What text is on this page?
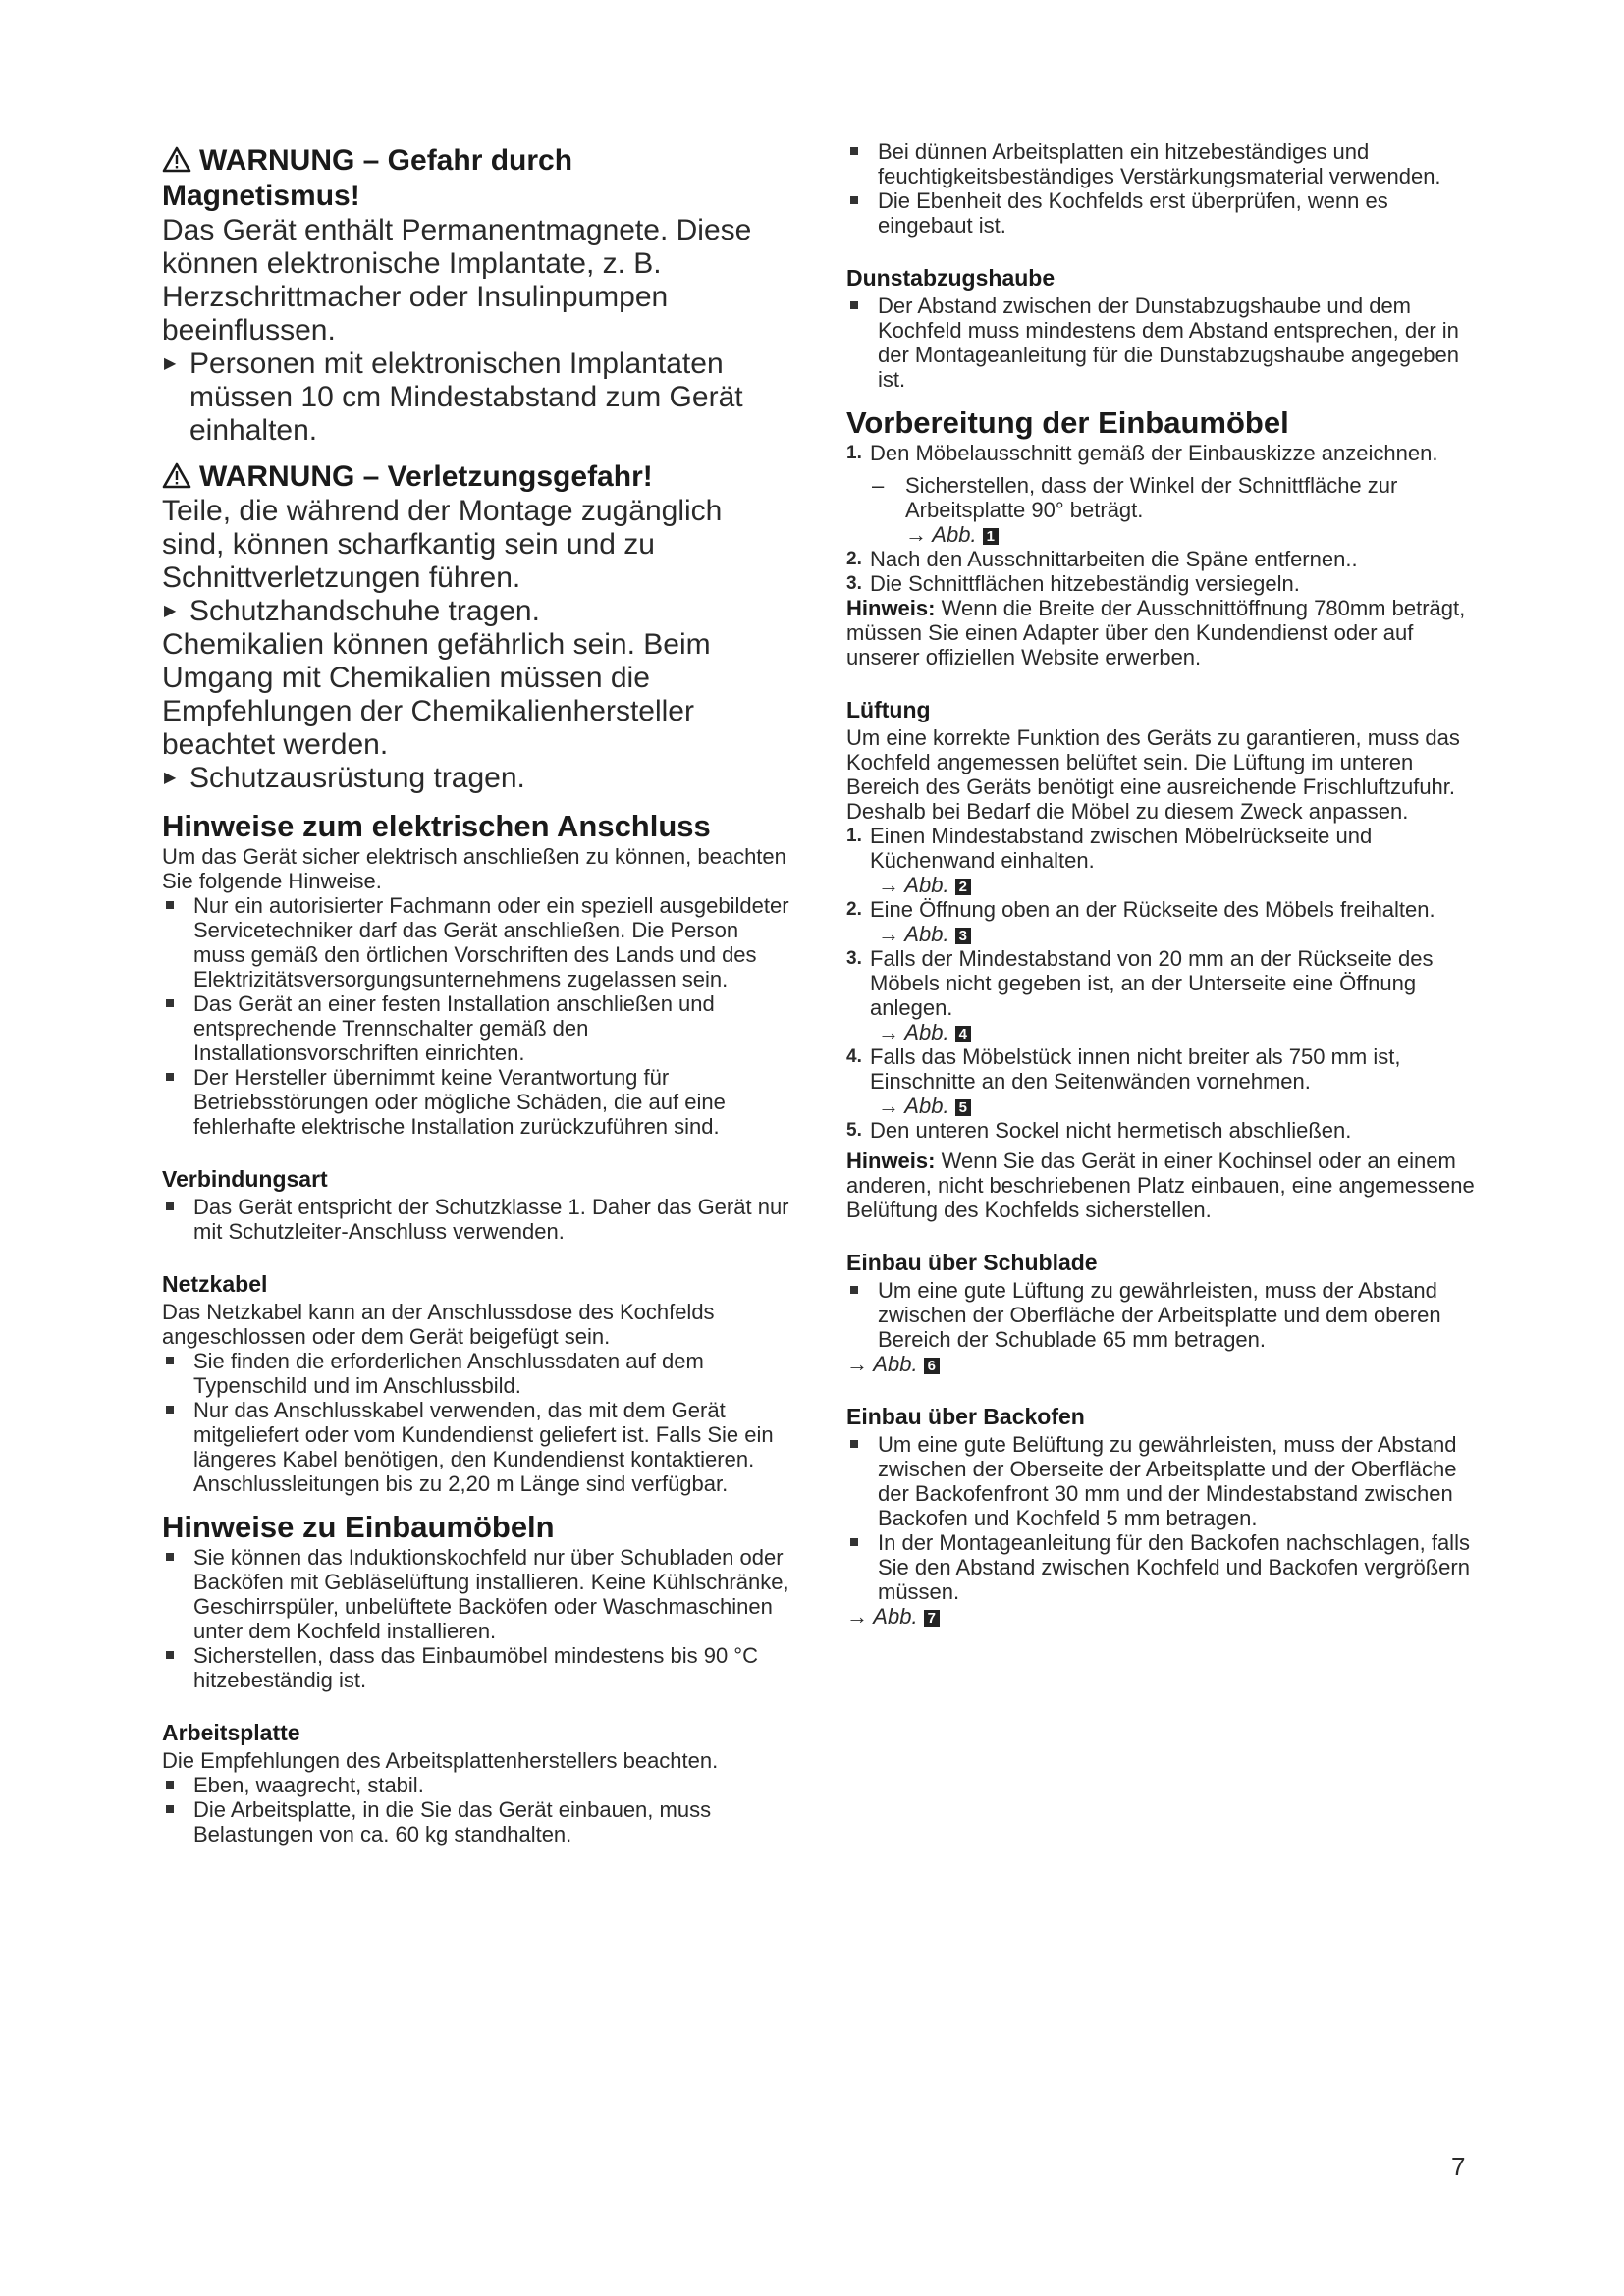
WARNUNG – Gefahr durch
Magnetismus!

Das Gerät enthält Permanentmagnete. Diese können elektronische Implantate, z. B. Herzschrittmacher oder Insulinpumpen beeinflussen.

▶ Personen mit elektronischen Implantaten müssen 10 cm Mindestabstand zum Gerät einhalten.

WARNUNG – Verletzungsgefahr!

Teile, die während der Montage zugänglich sind, können scharfkantig sein und zu Schnittverletzungen führen.

▶ Schutzhandschuhe tragen.

Chemikalien können gefährlich sein. Beim Umgang mit Chemikalien müssen die Empfehlungen der Chemikalienhersteller beachtet werden.

▶ Schutzausrüstung tragen.

Hinweise zum elektrischen Anschluss

Um das Gerät sicher elektrisch anschließen zu können, beachten Sie folgende Hinweise.

Nur ein autorisierter Fachmann oder ein speziell ausgebildeter Servicetechniker darf das Gerät anschließen. Die Person muss gemäß den örtlichen Vorschriften des Lands und des Elektrizitätsversorgungsunternehmens zugelassen sein.

Das Gerät an einer festen Installation anschließen und entsprechende Trennschalter gemäß den Installationsvorschriften einrichten.

Der Hersteller übernimmt keine Verantwortung für Betriebsstörungen oder mögliche Schäden, die auf eine fehlerhafte elektrische Installation zurückzuführen sind.

Verbindungsart

Das Gerät entspricht der Schutzklasse 1. Daher das Gerät nur mit Schutzleiter-Anschluss verwenden.

Netzkabel

Das Netzkabel kann an der Anschlussdose des Kochfelds angeschlossen oder dem Gerät beigefügt sein.

Sie finden die erforderlichen Anschlussdaten auf dem Typenschild und im Anschlussbild.

Nur das Anschlusskabel verwenden, das mit dem Gerät mitgeliefert oder vom Kundendienst geliefert ist. Falls Sie ein längeres Kabel benötigen, den Kundendienst kontaktieren. Anschlussleitungen bis zu 2,20 m Länge sind verfügbar.

Hinweise zu Einbaumöbeln

Sie können das Induktionskochfeld nur über Schubladen oder Backöfen mit Gebläselüftung installieren. Keine Kühlschränke, Geschirrspüler, unbelüftete Backöfen oder Waschmaschinen unter dem Kochfeld installieren.

Sicherstellen, dass das Einbaumöbel mindestens bis 90 °C hitzebeständig ist.

Arbeitsplatte

Die Empfehlungen des Arbeitsplattenherstellers beachten.

Eben, waagrecht, stabil.

Die Arbeitsplatte, in die Sie das Gerät einbauen, muss Belastungen von ca. 60 kg standhalten.

Bei dünnen Arbeitsplatten ein hitzebeständiges und feuchtigkeitsbeständiges Verstärkungsmaterial verwenden.

Die Ebenheit des Kochfelds erst überprüfen, wenn es eingebaut ist.

Dunstabzugshaube

Der Abstand zwischen der Dunstabzugshaube und dem Kochfeld muss mindestens dem Abstand entsprechen, der in der Montageanleitung für die Dunstabzugshaube angegeben ist.

Vorbereitung der Einbaumöbel

1. Den Möbelausschnitt gemäß der Einbauskizze anzeichnen.

– Sicherstellen, dass der Winkel der Schnittfläche zur Arbeitsplatte 90° beträgt.

→ Abb. 1

2. Nach den Ausschnittarbeiten die Späne entfernen..

3. Die Schnittflächen hitzebeständig versiegeln.

Hinweis: Wenn die Breite der Ausschnittöffnung 780mm beträgt, müssen Sie einen Adapter über den Kundendienst oder auf unserer offiziellen Website erwerben.

Lüftung

Um eine korrekte Funktion des Geräts zu garantieren, muss das Kochfeld angemessen belüftet sein. Die Lüftung im unteren Bereich des Geräts benötigt eine ausreichende Frischluftzufuhr. Deshalb bei Bedarf die Möbel zu diesem Zweck anpassen.

1. Einen Mindestabstand zwischen Möbelrückseite und Küchenwand einhalten.

→ Abb. 2

2. Eine Öffnung oben an der Rückseite des Möbels freihalten.

→ Abb. 3

3. Falls der Mindestabstand von 20 mm an der Rückseite des Möbels nicht gegeben ist, an der Unterseite eine Öffnung anlegen.

→ Abb. 4

4. Falls das Möbelstück innen nicht breiter als 750 mm ist, Einschnitte an den Seitenwänden vornehmen.

→ Abb. 5

5. Den unteren Sockel nicht hermetisch abschließen.

Hinweis: Wenn Sie das Gerät in einer Kochinsel oder an einem anderen, nicht beschriebenen Platz einbauen, eine angemessene Belüftung des Kochfelds sicherstellen.

Einbau über Schublade

Um eine gute Lüftung zu gewährleisten, muss der Abstand zwischen der Oberfläche der Arbeitsplatte und dem oberen Bereich der Schublade 65 mm betragen.

→ Abb. 6

Einbau über Backofen

Um eine gute Belüftung zu gewährleisten, muss der Abstand zwischen der Oberseite der Arbeitsplatte und der Oberfläche der Backofenfront 30 mm und der Mindestabstand zwischen Backofen und Kochfeld 5 mm betragen.

In der Montageanleitung für den Backofen nachschlagen, falls Sie den Abstand zwischen Kochfeld und Backofen vergrößern müssen.

→ Abb. 7

7
